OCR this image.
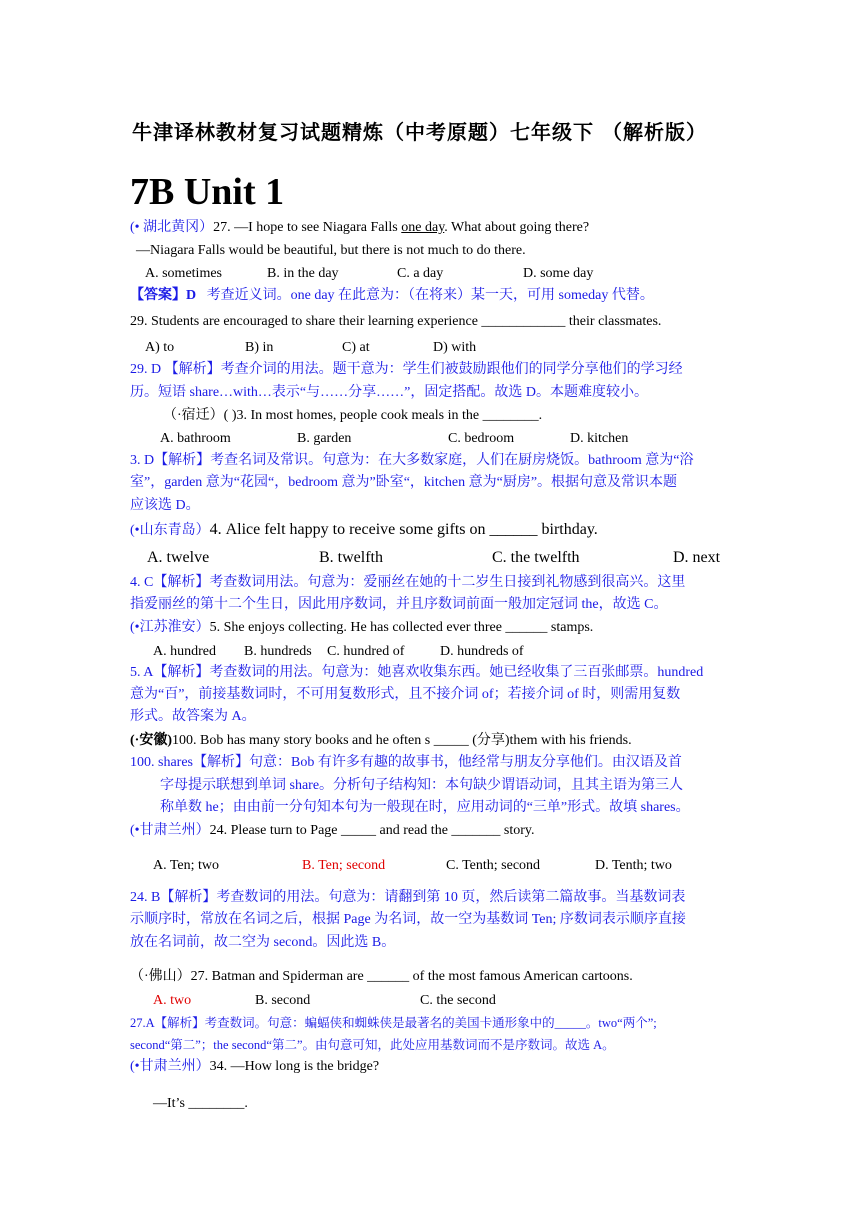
牛津译林教材复习试题精炼（中考原题）七年级下 （解析版）
7B Unit 1
(• 湖北黄冈）27. —I hope to see Niagara Falls one day. What about going there?
—Niagara Falls would be beautiful, but there is not much to do there.
A. sometimes	B. in the day	C. a day	D. some day
【答案】D 考查近义词。one day 在此意为：（在将来）某一天，可用 someday 代替。
29. Students are encouraged to share their learning experience ____________ their classmates.
A) to	B) in	C) at	D) with
29. D 【解析】考查介词的用法。题干意为：学生们被鼓励跟他们的同学分享他们的学习经
历。短语 share…with…表示“与……分享……”，固定搭配。故选 D。本题难度较小。
（·宿迁）( )3. In most homes, people cook meals in the ________.
A. bathroom	B. garden	C. bedroom	D. kitchen
3. D【解析】考查名词及常识。句意为：在大多数家庭，人们在厨房烧饭。bathroom 意为“浴
室”，garden 意为“花园“，bedroom 意为”卧室“，kitchen 意为“厨房”。根据句意及常识本题
应该选 D。
(•山东青岛）4. Alice felt happy to receive some gifts on ______ birthday.
A. twelve	B. twelfth	C. the twelfth	D. next
4. C【解析】考查数词用法。句意为：爱丽丝在她的十二岁生日接到礼物感到很高兴。这里
指爱丽丝的第十二个生日，因此用序数词，并且序数词前面一般加定冠词 the，故选 C。
(•江苏淮安）5. She enjoys collecting. He has collected ever three ______ stamps.
A. hundred B. hundreds C. hundred of	D. hundreds of
5. A【解析】考查数词的用法。句意为：她喜欢收集东西。她已经收集了三百张邮票。hundred
意为“百”，前接基数词时，不可用复数形式，且不接介词 of；若接介词 of 时，则需用复数
形式。故答案为 A。
(·安徽)100. Bob has many story books and he often s _____ (分享)them with his friends.
100. shares【解析】句意：Bob 有许多有趣的故事书，他经常与朋友分享他们。由汉语及首
字母提示联想到单词 share。分析句子结构知：本句缺少谓语动词，且其主语为第三人
称单数 he；由由前一分句知本句为一般现在时，应用动词的“三单”形式。故填 shares。
(•甘肃兰州）24. Please turn to Page _____ and read the _______ story.
A. Ten; two	B. Ten; second	C. Tenth; second	D. Tenth; two
24. B【解析】考查数词的用法。句意为：请翻到第 10 页，然后读第二篇故事。当基数词表
示顺序时，常放在名词之后，根据 Page 为名词，故一空为基数词 Ten; 序数词表示顺序直接
放在名词前，故二空为 second。因此选 B。
（·佛山）27. Batman and Spiderman are ______ of the most famous American cartoons.
A. two	B. second	C. the second
27.A【解析】考查数词。句意：蝙蝠侠和蜘蛛侠是最著名的美国卡通形象中的_____。two“两个”;
second“第二”；the second“第二”。由句意可知，此处应用基数词而不是序数词。故选 A。
(•甘肃兰州）34. —How long is the bridge?
—It’s ________.
